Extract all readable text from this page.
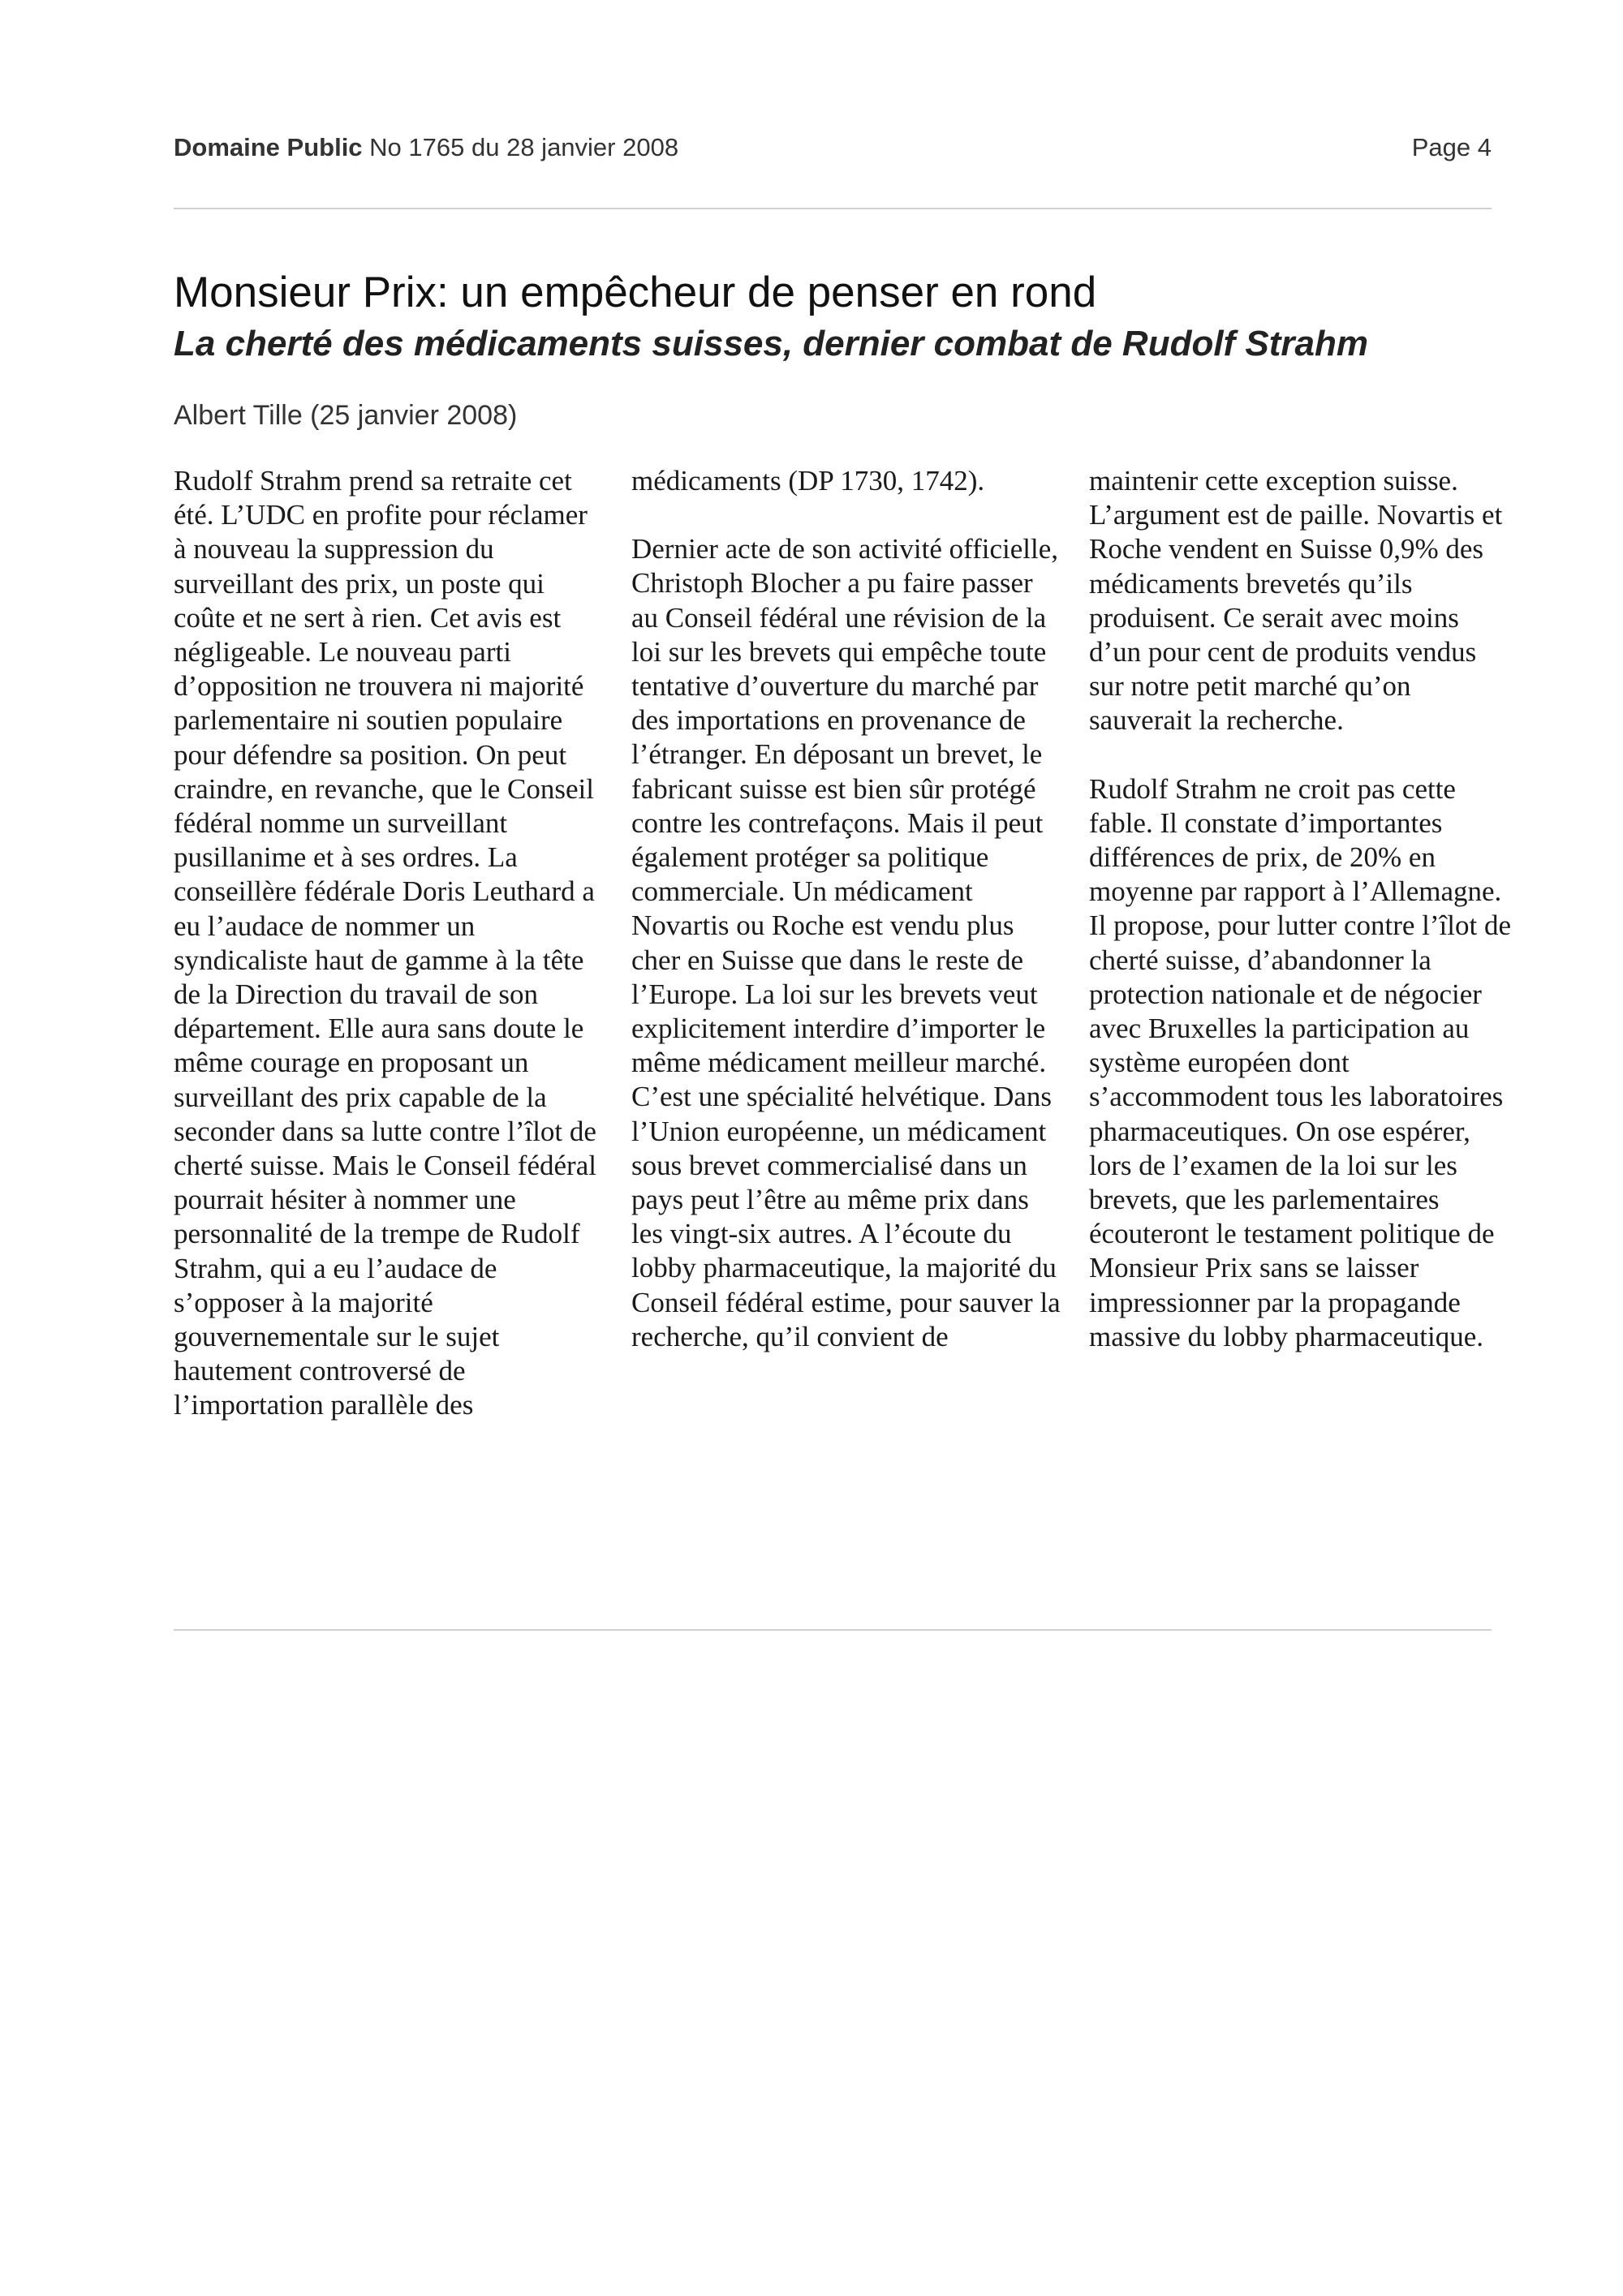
Domaine Public No 1765 du 28 janvier 2008	Page 4
Monsieur Prix: un empêcheur de penser en rond
La cherté des médicaments suisses, dernier combat de Rudolf Strahm
Albert Tille (25 janvier 2008)

Rudolf Strahm prend sa retraite cet été. L’UDC en profite pour réclamer à nouveau la suppression du surveillant des prix, un poste qui coûte et ne sert à rien. Cet avis est négligeable. Le nouveau parti d’opposition ne trouvera ni majorité parlementaire ni soutien populaire pour défendre sa position. On peut craindre, en revanche, que le Conseil fédéral nomme un surveillant pusillanime et à ses ordres. La conseillère fédérale Doris Leuthard a eu l’audace de nommer un syndicaliste haut de gamme à la tête de la Direction du travail de son département. Elle aura sans doute le même courage en proposant un surveillant des prix capable de la seconder dans sa lutte contre l’îlot de cherté suisse. Mais le Conseil fédéral pourrait hésiter à nommer une personnalité de la trempe de Rudolf Strahm, qui a eu l’audace de s’opposer à la majorité gouvernementale sur le sujet hautement controversé de l’importation parallèle des

médicaments (DP 1730, 1742).

Dernier acte de son activité officielle, Christoph Blocher a pu faire passer au Conseil fédéral une révision de la loi sur les brevets qui empêche toute tentative d’ouverture du marché par des importations en provenance de l’étranger. En déposant un brevet, le fabricant suisse est bien sûr protégé contre les contrefaçons. Mais il peut également protéger sa politique commerciale. Un médicament Novartis ou Roche est vendu plus cher en Suisse que dans le reste de l’Europe. La loi sur les brevets veut explicitement interdire d’importer le même médicament meilleur marché. C’est une spécialité helvétique. Dans l’Union européenne, un médicament sous brevet commercialisé dans un pays peut l’être au même prix dans les vingt-six autres. A l’écoute du lobby pharmaceutique, la majorité du Conseil fédéral estime, pour sauver la recherche, qu’il convient de

maintenir cette exception suisse. L’argument est de paille. Novartis et Roche vendent en Suisse 0,9% des médicaments brevetés qu’ils produisent. Ce serait avec moins d’un pour cent de produits vendus sur notre petit marché qu’on sauverait la recherche.

Rudolf Strahm ne croit pas cette fable. Il constate d’importantes différences de prix, de 20% en moyenne par rapport à l’Allemagne. Il propose, pour lutter contre l’îlot de cherté suisse, d’abandonner la protection nationale et de négocier avec Bruxelles la participation au système européen dont s’accommodent tous les laboratoires pharmaceutiques. On ose espérer, lors de l’examen de la loi sur les brevets, que les parlementaires écouteront le testament politique de Monsieur Prix sans se laisser impressionner par la propagande massive du lobby pharmaceutique.
